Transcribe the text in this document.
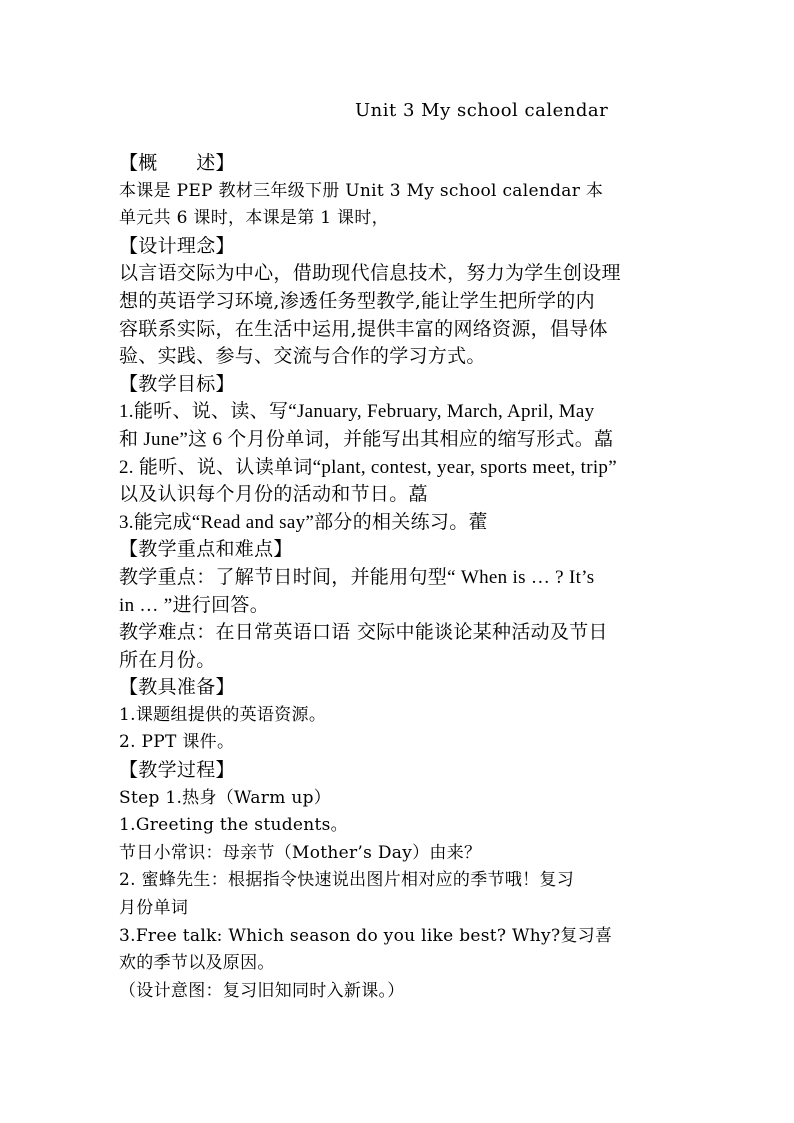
Unit 3 My school calendar
【概　　述】
本课是 PEP 教材三年级下册 Unit 3 My school calendar 本
单元共 6 课时，本课是第 1 课时，
【设计理念】
以言语交际为中心，借助现代信息技术，努力为学生创设理
想的英语学习环境,渗透任务型教学,能让学生把所学的内
容联系实际，在生活中运用,提供丰富的网络资源，倡导体
验、实践、参与、交流与合作的学习方式。
【教学目标】
1.能听、说、读、写“January, February, March, April, May
和 June”这 6 个月份单词，并能写出其相应的缩写形式。藠
2. 能听、说、认读单词“plant, contest, year, sports meet, trip”
以及认识每个月份的活动和节日。藠
3.能完成“Read and say”部分的相关练习。藿
【教学重点和难点】
教学重点：了解节日时间，并能用句型“ When is … ? It’s
in … ”进行回答。
教学难点：在日常英语口语 交际中能谈论某种活动及节日
所在月份。
【教具准备】
1.课题组提供的英语资源。
2. PPT 课件。
【教学过程】
Step 1.热身（Warm up）
1.Greeting the students。
节日小常识：母亲节（Mother’s Day）由来？
2. 蜜蜂先生：根据指令快速说出图片相对应的季节哦！复习
月份单词
3.Free talk: Which season do you like best? Why?复习喜
欢的季节以及原因。
（设计意图：复习旧知同时入新课。）
